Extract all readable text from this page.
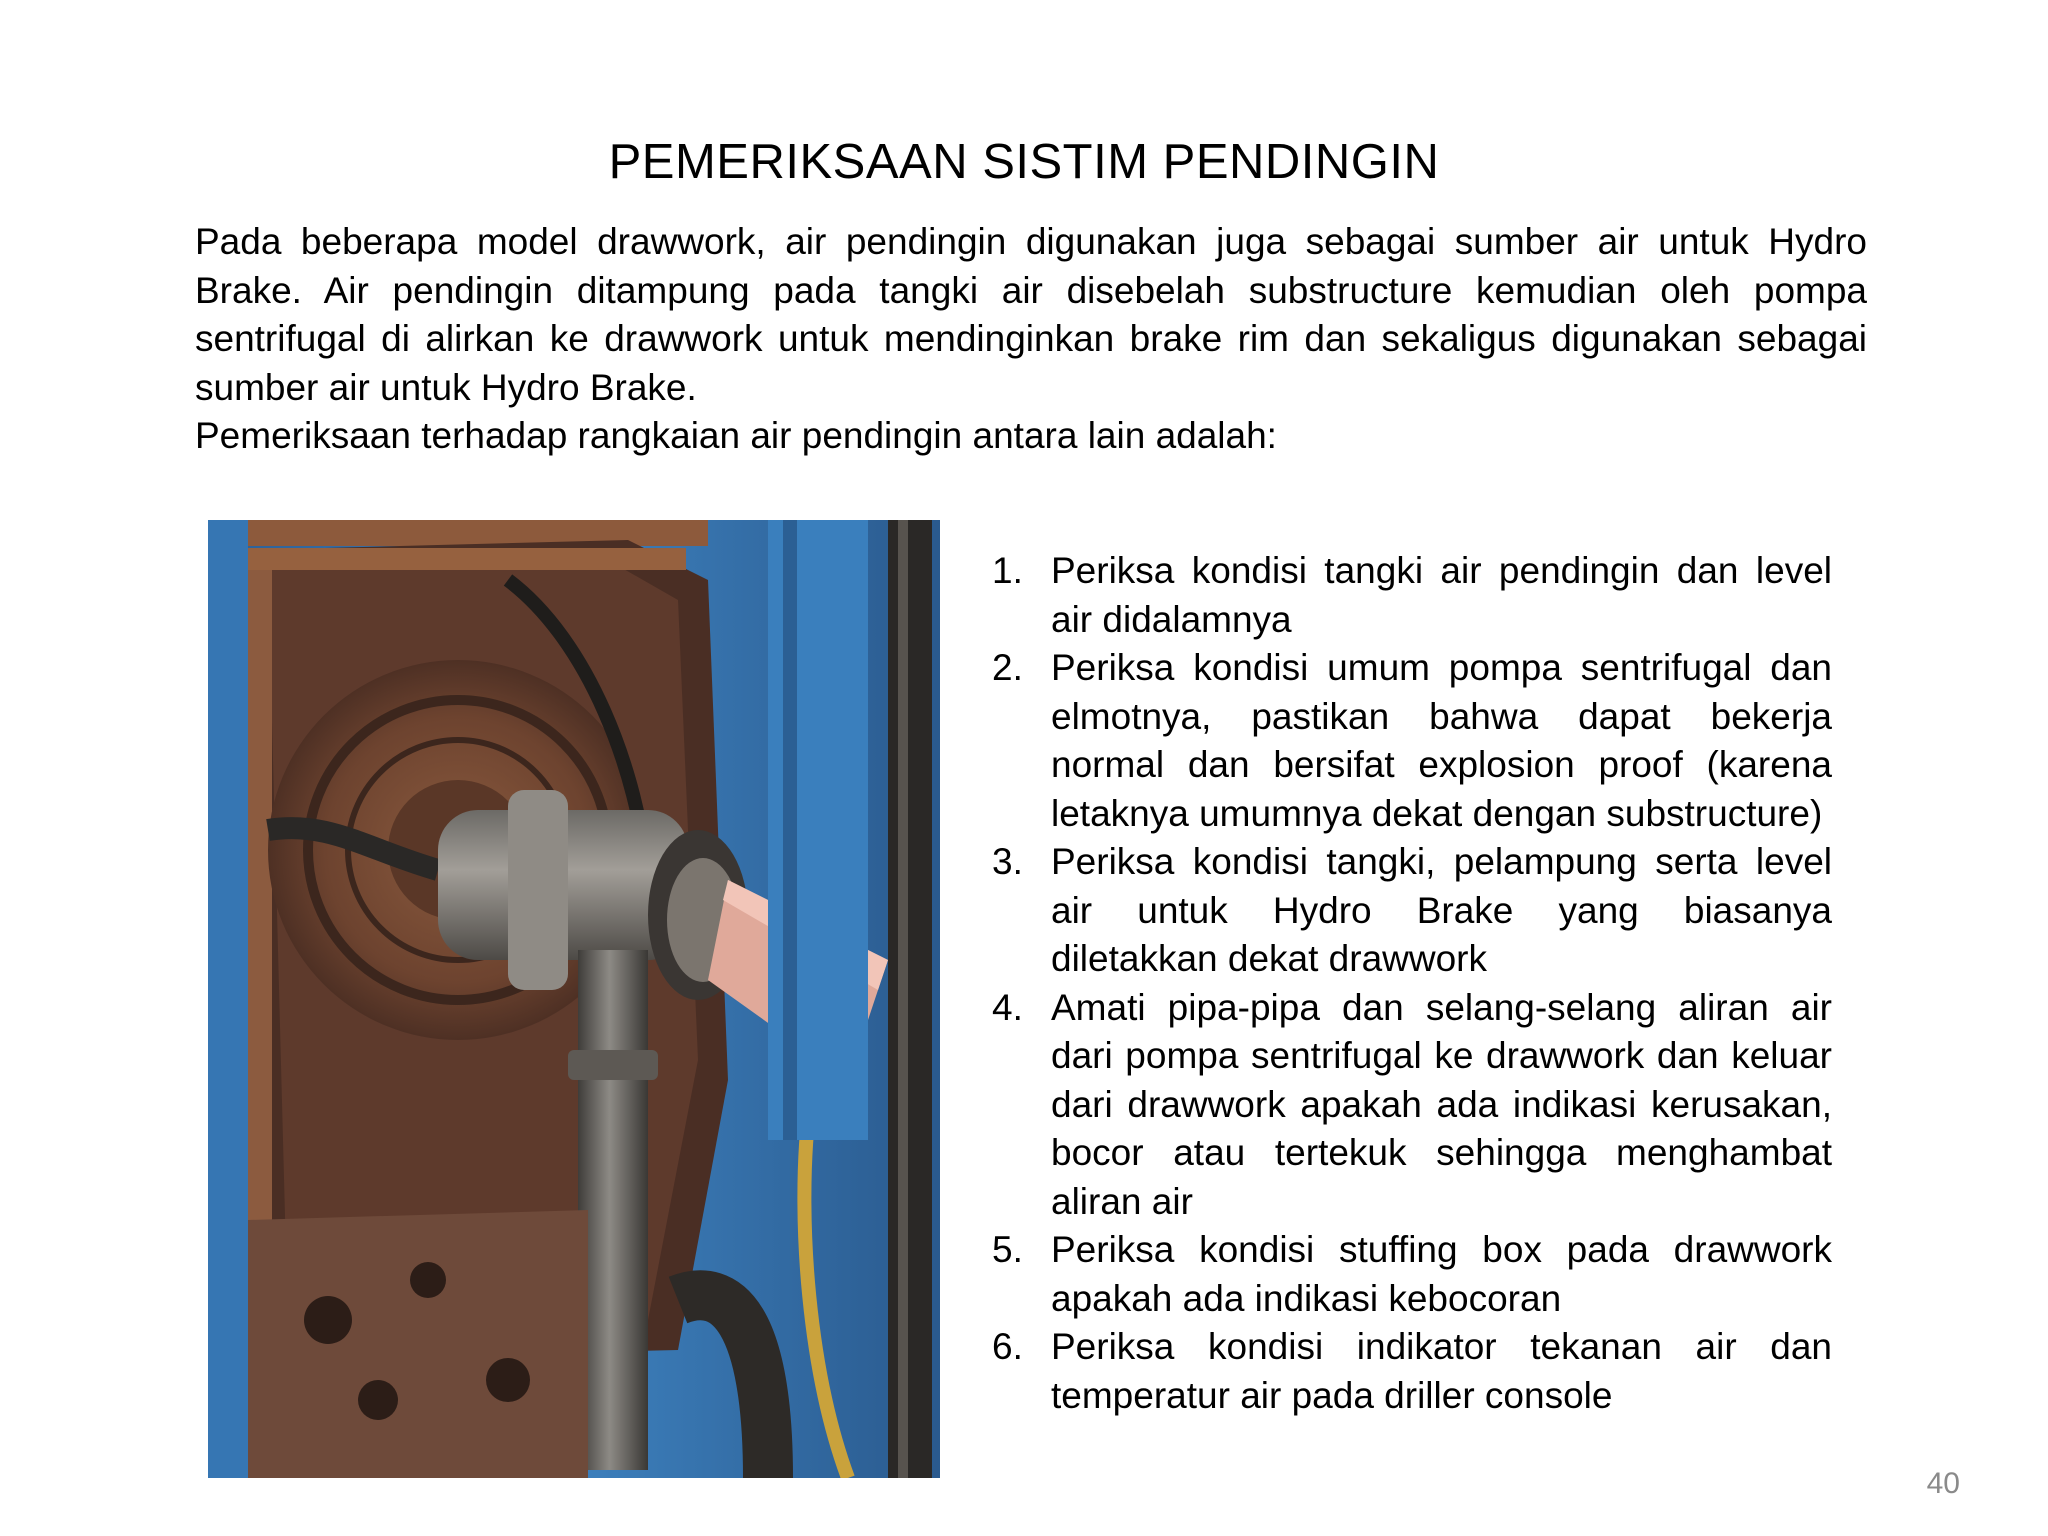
PEMERIKSAAN SISTIM PENDINGIN

Pada beberapa model drawwork, air pendingin digunakan juga sebagai sumber air untuk Hydro Brake. Air pendingin ditampung pada tangki air disebelah substructure kemudian oleh pompa sentrifugal di alirkan ke drawwork untuk mendinginkan brake rim dan sekaligus digunakan sebagai sumber air untuk Hydro Brake.

Pemeriksaan terhadap rangkaian air pendingin antara lain adalah:

1. Periksa kondisi tangki air pendingin dan level air didalamnya
2. Periksa kondisi umum pompa sentrifugal dan elmotnya, pastikan bahwa dapat bekerja normal dan bersifat explosion proof (karena letaknya umumnya dekat dengan substructure)
3. Periksa kondisi tangki, pelampung serta level air untuk Hydro Brake yang biasanya diletakkan dekat drawwork
4. Amati pipa-pipa dan selang-selang aliran air dari pompa sentrifugal ke drawwork dan keluar dari drawwork apakah ada indikasi kerusakan, bocor atau tertekuk sehingga menghambat aliran air
5. Periksa kondisi stuffing box pada drawwork apakah ada indikasi kebocoran
6. Periksa kondisi indikator tekanan air dan temperatur air pada driller console
40
